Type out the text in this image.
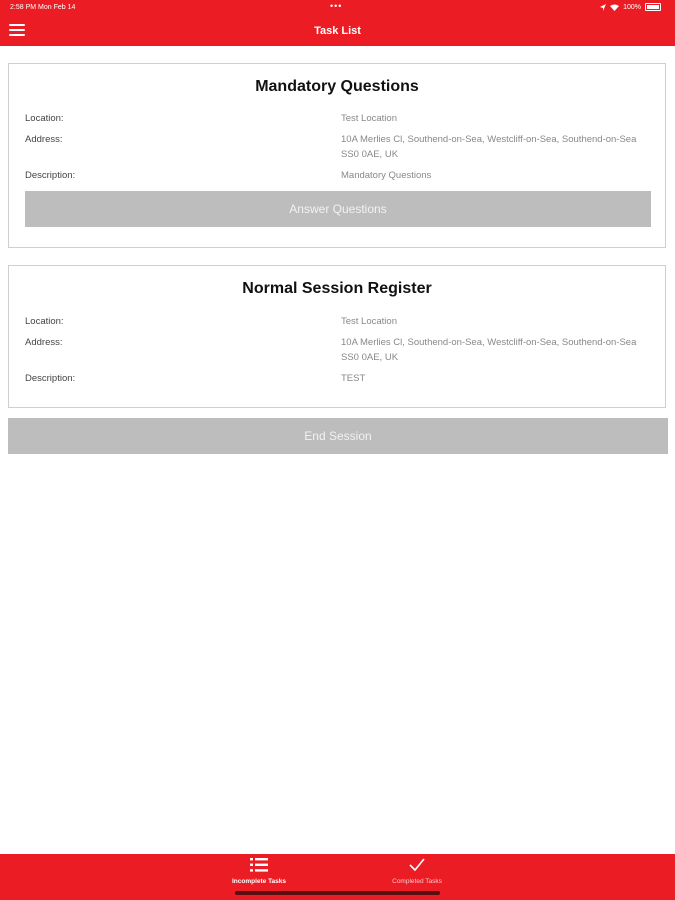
2:58 PM Mon Feb 14	•••	100%
Task List
Mandatory Questions
Location:	Test Location
Address:	10A Merlies Cl, Southend-on-Sea, Westcliff-on-Sea, Southend-on-Sea SS0 0AE, UK
Description:	Mandatory Questions
Answer Questions
Normal Session Register
Location:	Test Location
Address:	10A Merlies Cl, Southend-on-Sea, Westcliff-on-Sea, Southend-on-Sea SS0 0AE, UK
Description:	TEST
End Session
Incomplete Tasks	Completed Tasks
